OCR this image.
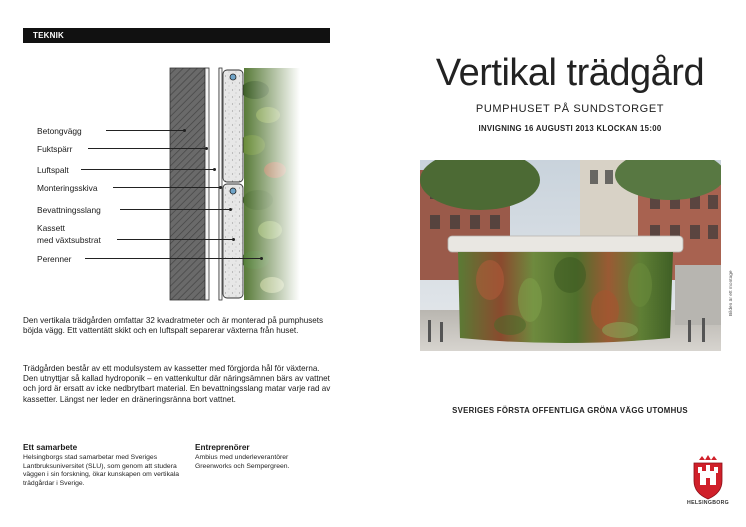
TEKNIK
Betongvägg
Fuktspärr
Luftspalt
Monteringsskiva
Bevattningsslang
Kassett
med växtsubstrat
Perenner

Den vertikala trädgården omfattar 32 kvadratmeter och är monterad på pumphusets böjda vägg. Ett vattentätt skikt och en luftspalt separerar växterna från huset.

Trädgården består av ett modulsystem av kassetter med förgjorda hål för växterna. Den utnyttjar så kallad hydroponik – en vattenkultur där näringsämnen bärs av vattnet och jord är ersatt av icke nedbrytbart material. En bevattningsslang matar varje rad av kassetter. Längst ner leder en dräneringsränna bort vattnet.

Ett samarbete
Helsingborgs stad samarbetar med Sveriges Lantbruksuniversitet (SLU), som genom att studera väggen i sin forskning, ökar kunskapen om vertikala trädgårdar i Sverige.
Entreprenörer
Ambius med underleverantörer Greenworks och Sempergreen.
Vertikal trädgård
PUMPHUSET PÅ SUNDSTORGET
INVIGNING 16 AUGUSTI 2013 KLOCKAN 15:00
Bilden är ett montage
SVERIGES FÖRSTA OFFENTLIGA GRÖNA VÄGG UTOMHUS
HELSINGBORG
